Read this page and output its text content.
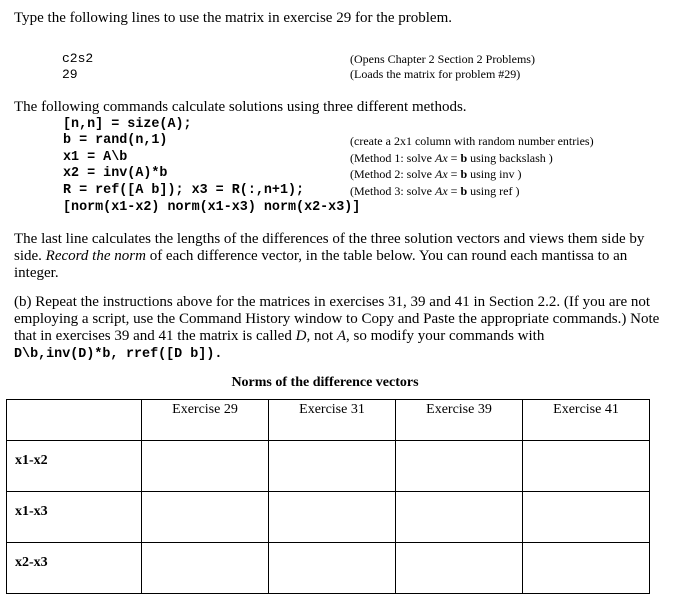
Type the following lines to use the matrix in exercise 29 for the problem.
c2s2	(Opens Chapter 2 Section 2 Problems)
29	(Loads the matrix for problem #29)
The following commands calculate solutions using three different methods.
[n,n] = size(A);
b = rand(n,1)	(create a 2x1 column with random number entries)
x1 = A\b	(Method 1: solve Ax = b using backslash )
x2 = inv(A)*b	(Method 2: solve Ax = b using inv )
R = ref([A b]); x3 = R(:,n+1);	(Method 3: solve Ax = b using ref )
[norm(x1-x2) norm(x1-x3) norm(x2-x3)]
The last line calculates the lengths of the differences of the three solution vectors and views them side by side. Record the norm of each difference vector, in the table below. You can round each mantissa to an integer.
(b) Repeat the instructions above for the matrices in exercises 31, 39 and 41 in Section 2.2. (If you are not employing a script, use the Command History window to Copy and Paste the appropriate commands.) Note that in exercises 39 and 41 the matrix is called D, not A, so modify your commands with
D\b,inv(D)*b, rref([D b]).
Norms of the difference vectors
	Exercise 29	Exercise 31	Exercise 39	Exercise 41
x1-x2				
x1-x3				
x2-x3				
